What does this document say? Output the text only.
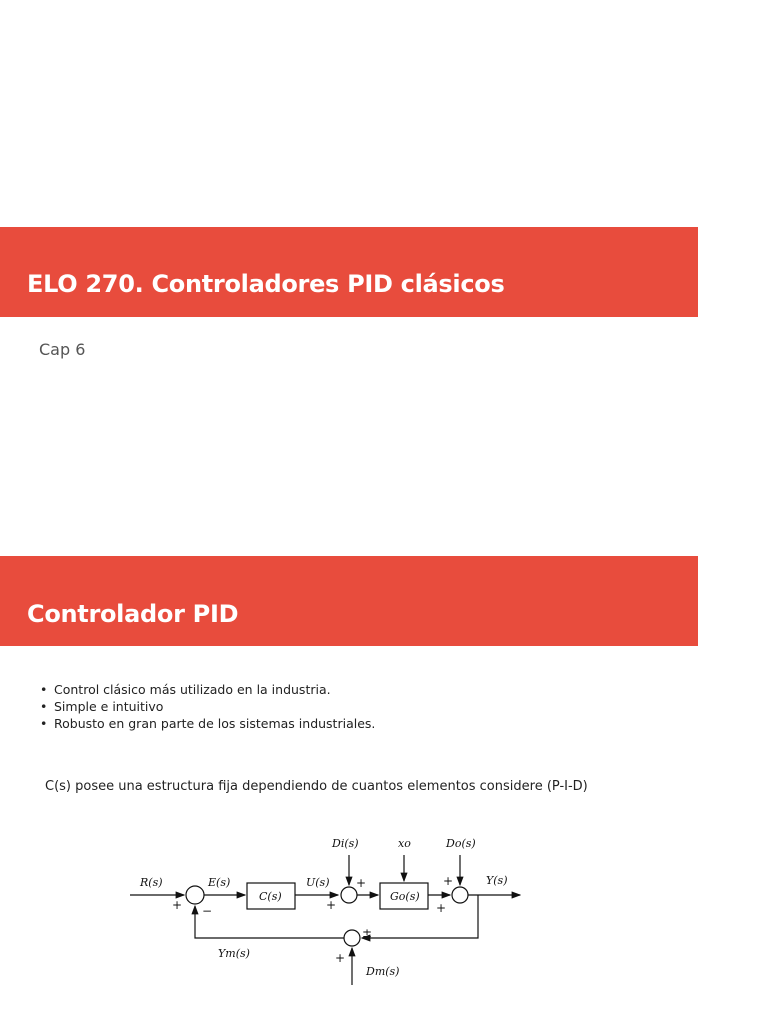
ELO 270. Controladores PID clásicos
Cap 6
Controlador PID
• Control clásico más utilizado en la industria.
• Simple e intuitivo
• Robusto en gran parte de los sistemas industriales.
C(s) posee una estructura fija dependiendo de cuantos elementos considere (P-I-D)
R(s)	E(s)
C(s)
U(s)
Di(s)	xo
Go(s)
Do(s)
Y(s)
Ym(s)
Dm(s)
+ −
+
+
+
+
±
+
